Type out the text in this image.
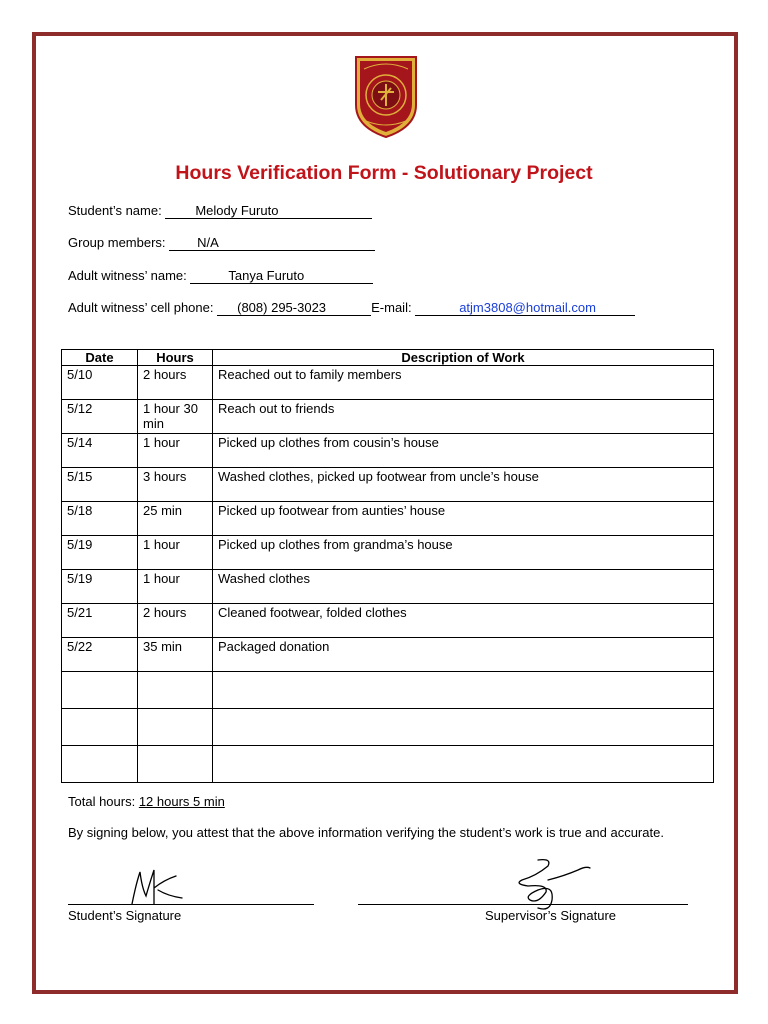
Hours Verification Form - Solutionary Project
Student’s name:	Melody Furuto
Group members: N/A
Adult witness’ name:	Tanya Furuto
Adult witness’ cell phone: (808) 295-3023	E-mail:	atjm3808@hotmail.com
Date	Hours	Description of Work
5/10	2 hours	Reached out to family members
5/12	1 hour 30 min	Reach out to friends
5/14	1 hour	Picked up clothes from cousin’s house
5/15	3 hours	Washed clothes, picked up footwear from uncle’s house
5/18	25 min	Picked up footwear from aunties’ house
5/19	1 hour	Picked up clothes from grandma’s house
5/19	1 hour	Washed clothes
5/21	2 hours	Cleaned footwear, folded clothes
5/22	35 min	Packaged donation

Total hours: 12 hours 5 min
By signing below, you attest that the above information verifying the student’s work is true and accurate.
Student’s Signature	Supervisor’s Signature
